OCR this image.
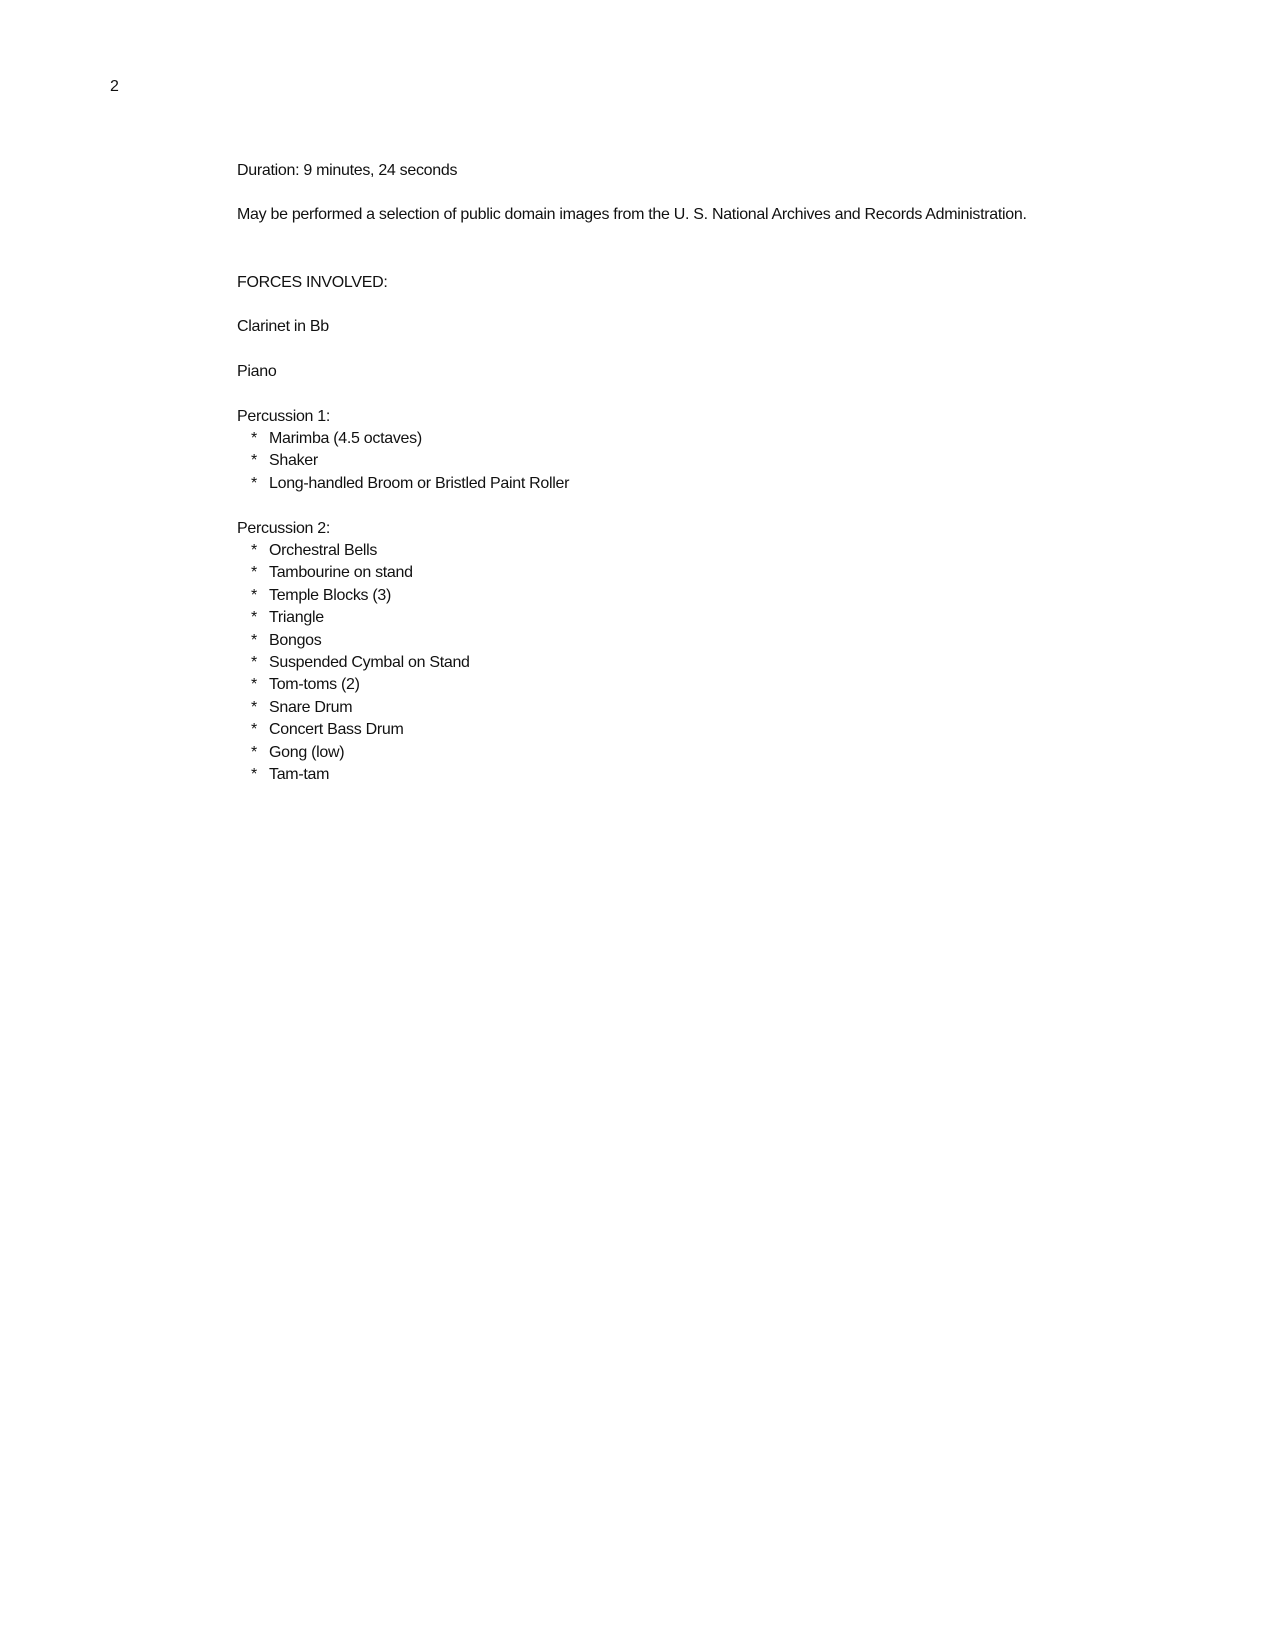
2
Duration: 9 minutes, 24 seconds
May be performed a selection of public domain images from the U. S. National Archives and Records Administration.
FORCES INVOLVED:
Clarinet in Bb
Piano
Percussion 1:
* Marimba (4.5 octaves)
* Shaker
* Long-handled Broom or Bristled Paint Roller
Percussion 2:
* Orchestral Bells
* Tambourine on stand
* Temple Blocks (3)
* Triangle
* Bongos
* Suspended Cymbal on Stand
* Tom-toms (2)
* Snare Drum
* Concert Bass Drum
* Gong (low)
* Tam-tam
